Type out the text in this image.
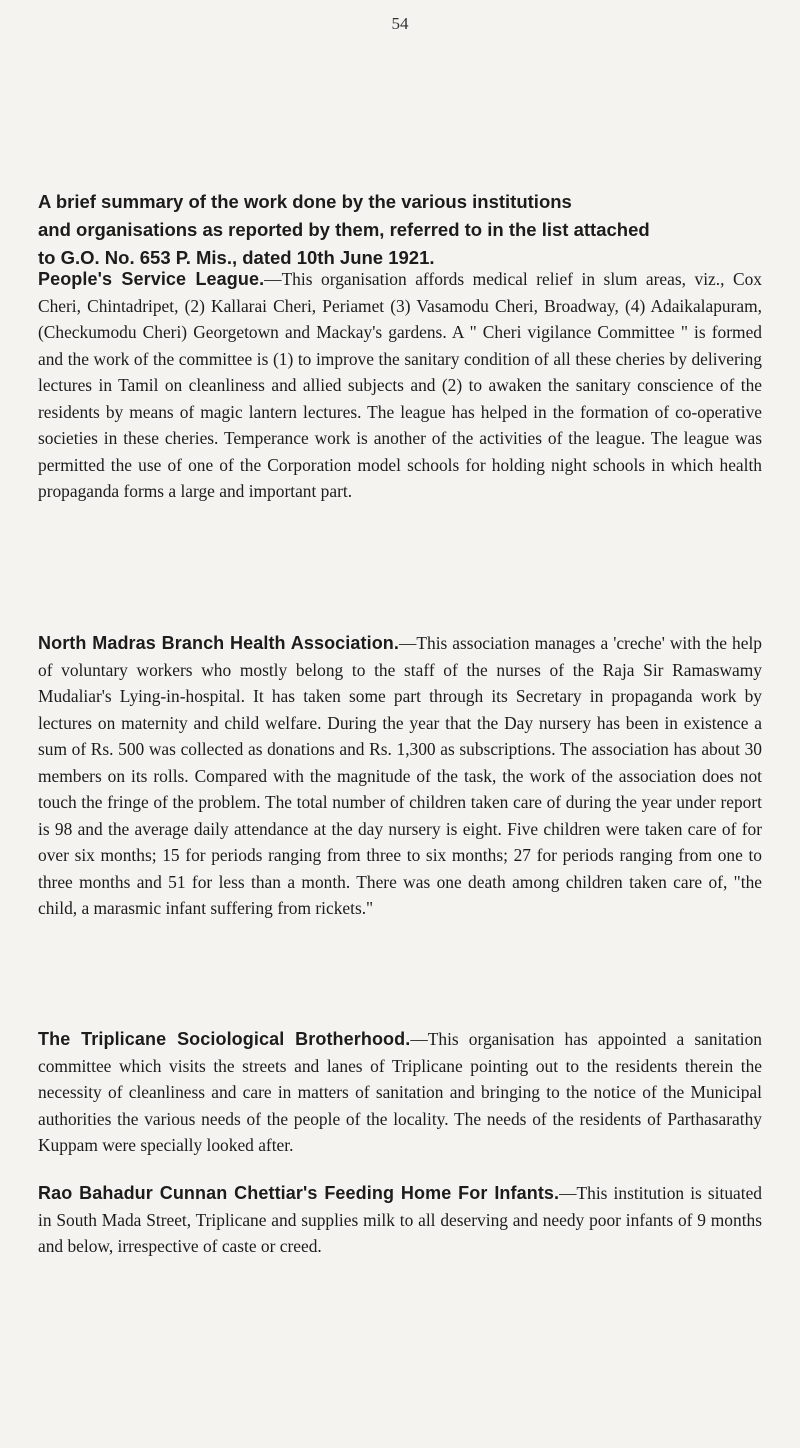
54
A brief summary of the work done by the various institutions
and organisations as reported by them, referred to in the list attached
to G.O. No. 653 P. Mis., dated 10th June 1921.

People's Service League.—This organisation affords medical relief in slum areas, viz., Cox Cheri, Chintadripet, (2) Kallarai Cheri, Periamet (3) Vasamodu Cheri, Broadway, (4) Adaikalapuram, (Checkumodu Cheri) Georgetown and Mackay's gardens. A " Cheri vigilance Committee " is formed and the work of the committee is (1) to improve the sanitary condition of all these cheries by delivering lectures in Tamil on cleanliness and allied subjects and (2) to awaken the sanitary conscience of the residents by means of magic lantern lectures. The league has helped in the formation of co-operative societies in these cheries. Temperance work is another of the activities of the league. The league was permitted the use of one of the Corporation model schools for holding night schools in which health propaganda forms a large and important part.

North Madras Branch Health Association.—This association manages a 'creche' with the help of voluntary workers who mostly belong to the staff of the nurses of the Raja Sir Ramaswamy Mudaliar's Lying-in-hospital. It has taken some part through its Secretary in propaganda work by lectures on maternity and child welfare. During the year that the Day nursery has been in existence a sum of Rs. 500 was collected as donations and Rs. 1,300 as subscriptions. The association has about 30 members on its rolls. Compared with the magnitude of the task, the work of the association does not touch the fringe of the problem. The total number of children taken care of during the year under report is 98 and the average daily attendance at the day nursery is eight. Five children were taken care of for over six months; 15 for periods ranging from three to six months; 27 for periods ranging from one to three months and 51 for less than a month. There was one death among children taken care of, "the child, a marasmic infant suffering from rickets."

The Triplicane Sociological Brotherhood.—This organisation has appointed a sanitation committee which visits the streets and lanes of Triplicane pointing out to the residents therein the necessity of cleanliness and care in matters of sanitation and bringing to the notice of the Municipal authorities the various needs of the people of the locality. The needs of the residents of Parthasarathy Kuppam were specially looked after.

Rao Bahadur Cunnan Chettiar's Feeding Home For Infants.—This institution is situated in South Mada Street, Triplicane and supplies milk to all deserving and needy poor infants of 9 months and below, irrespective of caste or creed.
